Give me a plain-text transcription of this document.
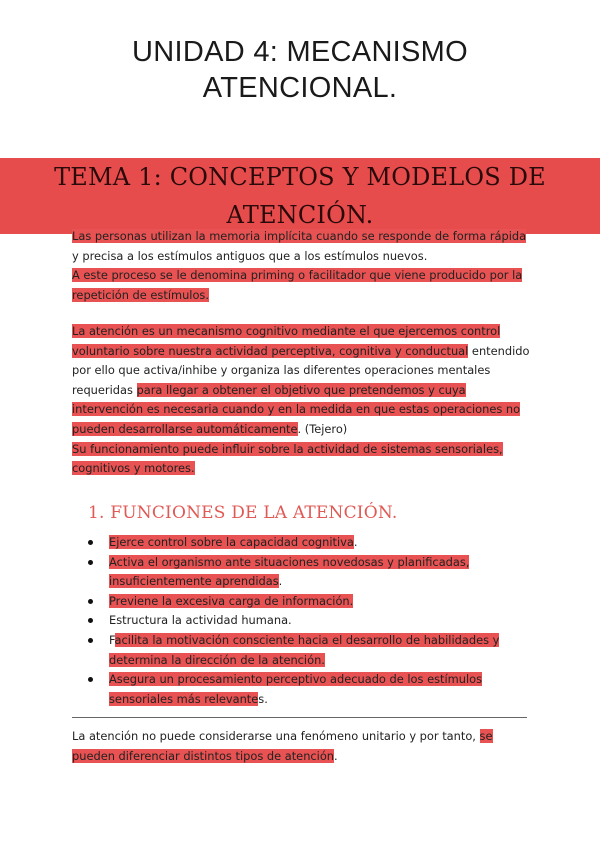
UNIDAD 4: MECANISMO
ATENCIONAL.
TEMA 1: CONCEPTOS Y MODELOS DE ATENCIÓN.
Las personas utilizan la memoria implícita cuando se responde de forma rápida y precisa a los estímulos antiguos que a los estímulos nuevos.
A este proceso se le denomina priming o facilitador que viene producido por la repetición de estímulos.
La atención es un mecanismo cognitivo mediante el que ejercemos control voluntario sobre nuestra actividad perceptiva, cognitiva y conductual entendido por ello que activa/inhibe y organiza las diferentes operaciones mentales requeridas para llegar a obtener el objetivo que pretendemos y cuya intervención es necesaria cuando y en la medida en que estas operaciones no pueden desarrollarse automáticamente. (Tejero)
Su funcionamiento puede influir sobre la actividad de sistemas sensoriales, cognitivos y motores.
1. FUNCIONES DE LA ATENCIÓN.
Ejerce control sobre la capacidad cognitiva.
Activa el organismo ante situaciones novedosas y planificadas, insuficientemente aprendidas.
Previene la excesiva carga de información.
Estructura la actividad humana.
Facilita la motivación consciente hacia el desarrollo de habilidades y determina la dirección de la atención.
Asegura un procesamiento perceptivo adecuado de los estímulos sensoriales más relevantes.
La atención no puede considerarse una fenómeno unitario y por tanto, se pueden diferenciar distintos tipos de atención.
